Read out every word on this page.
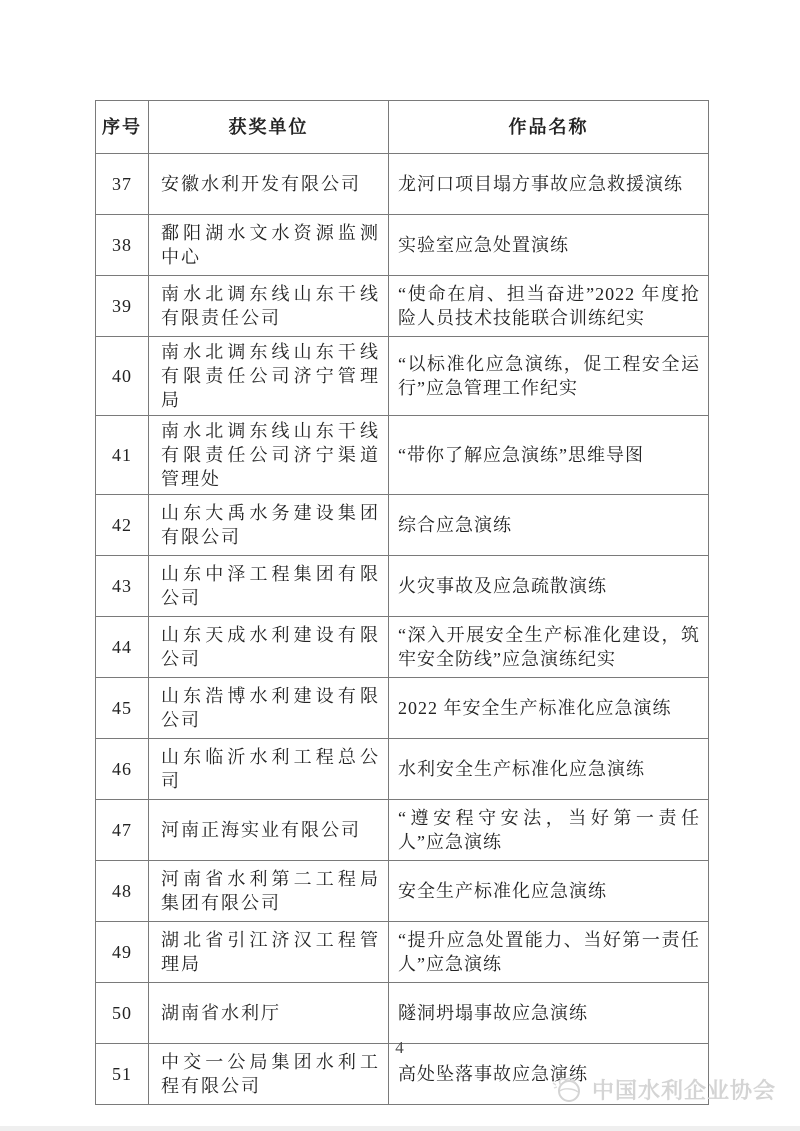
序号	获奖单位	作品名称
37	安徽水利开发有限公司	龙河口项目塌方事故应急救援演练
38	鄱阳湖水文水资源监测中心	实验室应急处置演练
39	南水北调东线山东干线有限责任公司	“使命在肩、担当奋进”2022 年度抢险人员技术技能联合训练纪实
40	南水北调东线山东干线有限责任公司济宁管理局	“以标准化应急演练，促工程安全运行”应急管理工作纪实
41	南水北调东线山东干线有限责任公司济宁渠道管理处	“带你了解应急演练”思维导图
42	山东大禹水务建设集团有限公司	综合应急演练
43	山东中泽工程集团有限公司	火灾事故及应急疏散演练
44	山东天成水利建设有限公司	“深入开展安全生产标准化建设，筑牢安全防线”应急演练纪实
45	山东浩博水利建设有限公司	2022 年安全生产标准化应急演练
46	山东临沂水利工程总公司	水利安全生产标准化应急演练
47	河南正海实业有限公司	“遵安程守安法，当好第一责任人”应急演练
48	河南省水利第二工程局集团有限公司	安全生产标准化应急演练
49	湖北省引江济汉工程管理局	“提升应急处置能力、当好第一责任人”应急演练
50	湖南省水利厅	隧洞坍塌事故应急演练
51	中交一公局集团水利工程有限公司	高处坠落事故应急演练
4
中国水利企业协会
